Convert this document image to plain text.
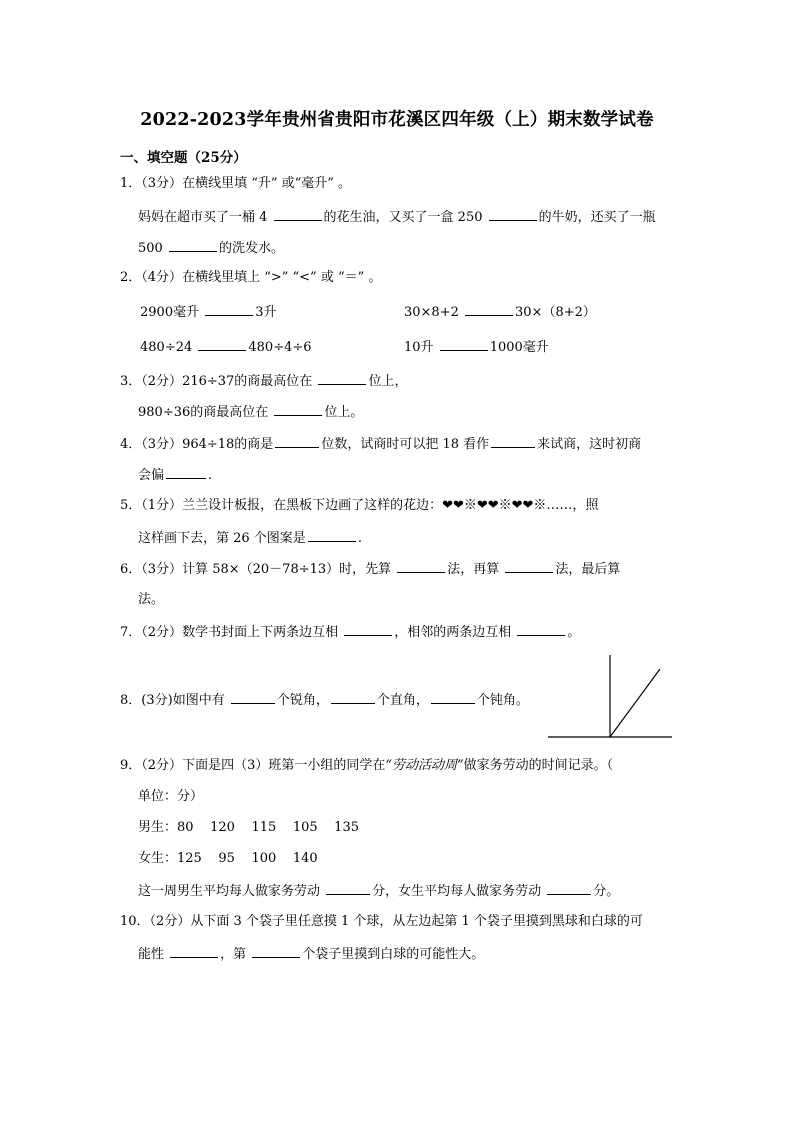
2022-2023学年贵州省贵阳市花溪区四年级（上）期末数学试卷
一、填空题（25分）
1．（3分）在横线里填 “升” 或“毫升” 。
妈妈在超市买了一桶 4	的花生油，又买了一盒 250	的牛奶，还买了一瓶
500	的洗发水。
2．（4分）在横线里填上 “>” “<” 或 “＝” 。
2900毫升	3升	30×8+2	30×（8+2）
480÷24	480÷4÷6	10升	1000毫升
3．（2分）216÷37的商最高位在	位上，
980÷36的商最高位在	位上。
4．（3分）964÷18的商是	位数，试商时可以把 18 看作	来试商，这时初商
会偏	.
5．（1分）兰兰设计板报，在黑板下边画了这样的花边：❤❤※❤❤※❤❤※……，照
这样画下去，第 26 个图案是	.
6．（3分）计算 58×（20－78÷13）时，先算	法，再算	法，最后算
法。
7．（2分）数学书封面上下两条边互相	，相邻的两条边互相	。
8．(3分)如图中有	个锐角，	个直角，	个钝角。
9．（2分）下面是四（3）班第一小组的同学在“劳动活动周”做家务劳动的时间记录。（
单位：分）
男生：80 120 115 105 135
女生：125 95 100 140
这一周男生平均每人做家务劳动	分，女生平均每人做家务劳动	分。
10．（2分）从下面 3 个袋子里任意摸 1 个球，从左边起第 1 个袋子里摸到黑球和白球的可
能性	，第	个袋子里摸到白球的可能性大。
